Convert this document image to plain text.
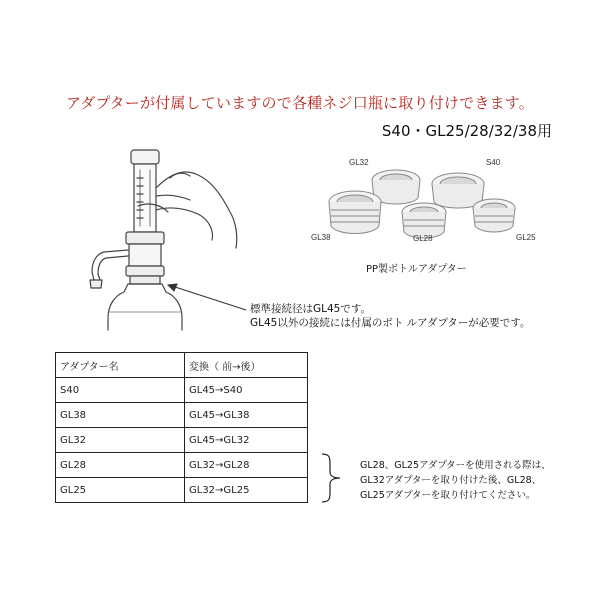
アダプターが付属していますので各種ネジ口瓶に取り付けできます。
S40・GL25/28/32/38用
GL32	S40
GL38	GL28	GL25
PP製ボトルアダプター
標準接続径はGL45です。
GL45以外の接続には付属のボト ルアダプターが必要です。
アダプター名	変換（ 前→後）
S40	GL45→S40
GL38	GL45→GL38
GL32	GL45→GL32
GL28	GL32→GL28
GL25	GL32→GL25
GL28、GL25アダプターを使用される際は、
GL32アダプターを取り付けた後、GL28、
GL25アダプターを取り付けてください。
